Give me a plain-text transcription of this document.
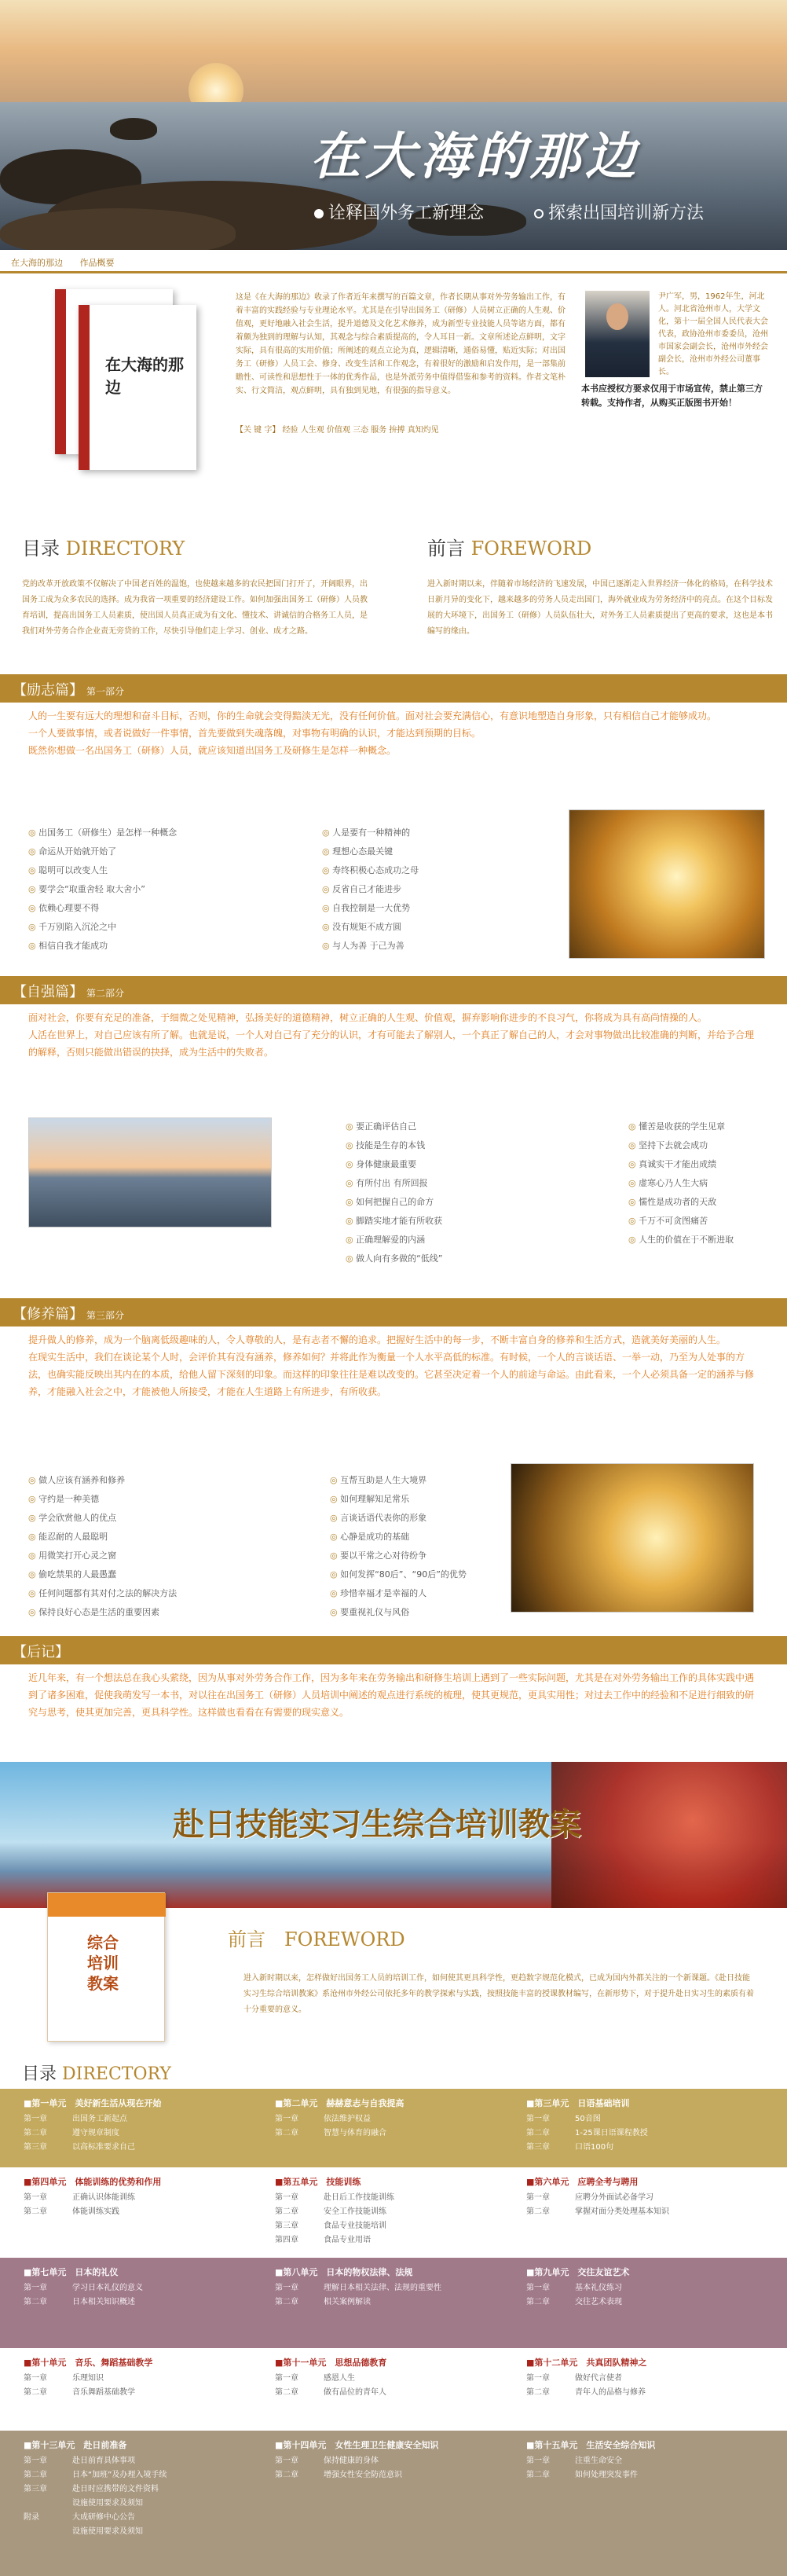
在大海的那边
诠释国外务工新理念	探索出国培训新方法
在大海的那边 作品概要
在大海的那边
这是《在大海的那边》收录了作者近年来撰写的百篇文章，作者长期从事对外劳务输出工作，有着丰富的实践经验与专业理论水平。尤其是在引导出国务工（研修）人员树立正确的人生观、价值观，更好地融入社会生活，提升道德及文化艺术修养，成为新型专业技能人员等诸方面，都有着颇为独到的理解与认知，其观念与综合素质提高的，令人耳目一新。文章所述论点鲜明，文字实际，具有很高的实用价值；所阐述的观点立论为真，逻辑清晰，通俗易懂，贴近实际；对出国务工（研修）人员工会、修身、改变生活和工作观念，有着很好的激励和启发作用，是一部集前瞻性、可读性和思想性于一体的优秀作品，也是外派劳务中值得借鉴和参考的资料。作者文笔朴实、行文简洁，观点鲜明，具有独到见地，有很强的指导意义。
【关 键 字】 经验 人生观 价值观 三态 服务 拚搏 真知灼见
尹广军，男，1962年生，河北人。河北省沧州市人，大学文化，第十一届全国人民代表大会代表，政协沧州市委委员，沧州市国家会副会长，沧州市外经会副会长，沧州市外经公司董事长。
本书应授权方要求仅用于市场宣传，禁止第三方转载。支持作者，从购买正版图书开始！
目录 DIRECTORY
党的改革开放政策不仅解决了中国老百姓的温饱，也使越来越多的农民把国门打开了，开阔眼界，出国务工成为众多农民的选择。成为我省一项重要的经济建设工作。如何加强出国务工（研修）人员教育培训，提高出国务工人员素质，使出国人员真正成为有文化、懂技术、讲诚信的合格务工人员，是我们对外劳务合作企业责无旁贷的工作，尽快引导他们走上学习、创业、成才之路。
前言 FOREWORD
进入新时期以来，伴随着市场经济的飞速发展，中国已逐渐走入世界经济一体化的格局，在科学技术日新月异的变化下，越来越多的劳务人员走出国门，海外就业成为劳务经济中的亮点。在这个目标发展的大环境下，出国务工（研修）人员队伍壮大，对外务工人员素质提出了更高的要求，这也是本书编写的缘由。
【励志篇】 第一部分

人的一生要有远大的理想和奋斗目标，否则，你的生命就会变得黯淡无光，没有任何价值。面对社会要充满信心，有意识地塑造自身形象，只有相信自己才能够成功。

一个人要做事情，或者说做好一件事情，首先要做到失魂落魄，对事物有明确的认识，才能达到预期的目标。

既然你想做一名出国务工（研修）人员，就应该知道出国务工及研修生是怎样一种概念。

◎ 出国务工（研修生）是怎样一种概念
◎ 命运从开始就开始了
◎ 聪明可以改变人生
◎ 要学会“取重舍轻 取大舍小”
◎ 依赖心理要不得
◎ 千万别陷入沉沦之中
◎ 相信自我才能成功
◎ 人是要有一种精神的
◎ 理想心态最关键
◎ 寿终积极心态成功之母
◎ 反省自己才能进步
◎ 自我控制是一大优势
◎ 没有规矩不成方圆
◎ 与人为善 于己为善
【自强篇】 第二部分

面对社会，你要有充足的准备，于细微之处见精神，弘扬美好的道德精神，树立正确的人生观、价值观，摒弃影响你进步的不良习气，你将成为具有高尚情操的人。

人活在世界上，对自己应该有所了解。也就是说，一个人对自己有了充分的认识，才有可能去了解别人，一个真正了解自己的人，才会对事物做出比较准确的判断，并给予合理的解释，否则只能做出错误的抉择，成为生活中的失败者。

◎ 要正确评估自己
◎ 技能是生存的本钱
◎ 身体健康最重要
◎ 有所付出 有所回报
◎ 如何把握自己的命方
◎ 脚踏实地才能有所收获
◎ 正确理解爱的内涵
◎ 做人向有多做的“低线”
◎ 懂苦是收获的学生见章
◎ 坚持下去就会成功
◎ 真诚实干才能出成绩
◎ 虚寒心乃人生大病
◎ 懦性是成功者的天敌
◎ 千万不可贪图痛苦
◎ 人生的价值在于不断进取
【修养篇】 第三部分

提升做人的修养，成为一个脑离低级趣味的人，令人尊敬的人，是有志者不懈的追求。把握好生活中的每一步，不断丰富自身的修养和生活方式，造就美好美丽的人生。

在现实生活中，我们在谈论某个人时，会评价其有没有涵养，修养如何？并将此作为衡量一个人水平高低的标准。有时候，一个人的言谈话语、一举一动，乃至为人处事的方法，也确实能反映出其内在的本质，给他人留下深刻的印象。而这样的印象往往是难以改变的。它甚至决定着一个人的前途与命运。由此看来，一个人必须具备一定的涵养与修养，才能融入社会之中，才能被他人所接受，才能在人生道路上有所进步，有所收获。

◎ 做人应该有涵养和修养
◎ 守约是一种美德
◎ 学会欣赏他人的优点
◎ 能忍耐的人最聪明
◎ 用微笑打开心灵之窗
◎ 偷吃禁果的人最愚蠢
◎ 任何问题都有其对付之法的解决方法
◎ 保持良好心态是生活的重要因素
◎ 互帮互助是人生大境界
◎ 如何理解知足常乐
◎ 言谈话语代表你的形象
◎ 心静是成功的基础
◎ 要以平常之心对待纷争
◎ 如何发挥“80后”、“90后”的优势
◎ 珍惜幸福才是幸福的人
◎ 要重视礼仪与风俗
【后记】
近几年来，有一个想法总在我心头萦绕，因为从事对外劳务合作工作，因为多年来在劳务输出和研修生培训上遇到了一些实际问题，尤其是在对外劳务输出工作的具体实践中遇到了诸多困难，促使我萌发写一本书，对以往在出国务工（研修）人员培训中阐述的观点进行系统的梳理，使其更规范，更具实用性；对过去工作中的经验和不足进行细致的研究与思考，使其更加完善，更具科学性。这样做也看看在有需要的现实意义。
赴日技能实习生综合培训教案
综合培训教案
前言　 FOREWORD
进入新时期以来，怎样做好出国务工人员的培训工作，如何使其更具科学性，更趋数字规范化模式，已成为国内外都关注的一个新课题。《赴日技能实习生综合培训教案》系沧州市外经公司依托多年的教学探索与实践，按照技能丰富的授课教材编写，在新形势下，对于提升赴日实习生的素质有着十分重要的意义。
目录 DIRECTORY
■第一单元　美好新生活从现在开始
第一章	出国务工新起点
第二章	遵守规章制度
第三章	以高标准要求自己
■第二单元　赫赫意志与自我提高
第一章	依法维护权益
第二章	智慧与体育的融合
■第三单元　日语基础培训
第一章	50音图
第二章	1-25课日语课程教授
第三章	口语100句
■第四单元　体能训练的优势和作用
第一章	正确认识体能训练
第二章	体能训练实践
■第五单元　技能训练
第一章	赴日后工作技能训练
第二章	安全工作技能训练
第三章	食品专业技能培训
第四章	食品专业用语
■第六单元　应聘全考与聘用
第一章	应聘分外面试必备学习
第二章	掌握对面分类处理基本知识
■第七单元　日本的礼仪
第一章	学习日本礼仪的意义
第二章	日本相关知识概述
■第八单元　日本的物权法律、法规
第一章	理解日本相关法律、法规的重要性
第二章	相关案例解读
■第九单元　交往友谊艺术
第一章	基本礼仪练习
第二章	交往艺术表现
■第十单元　音乐、舞蹈基础教学
第一章	乐理知识
第二章	音乐舞蹈基础教学
■第十一单元　思想品德教育
第一章	感恩人生
第二章	做有品位的青年人
■第十二单元　共真团队精神之
第一章	做好代言使者
第二章	青年人的品格与修养
■第十三单元　赴日前准备
第一章	赴日前育具体事项
第二章	日本“加班”及办理入境手续
第三章	赴日时应携带的文件资料
设施使用要求及须知
附录	大成研修中心公告
设施使用要求及须知
■第十四单元　女性生理卫生健康安全知识
第一章	保持健康的身体
第二章	增强女性安全防范意识
■第十五单元　生活安全综合知识
第一章	注重生命安全
第二章	如何处理突发事件
